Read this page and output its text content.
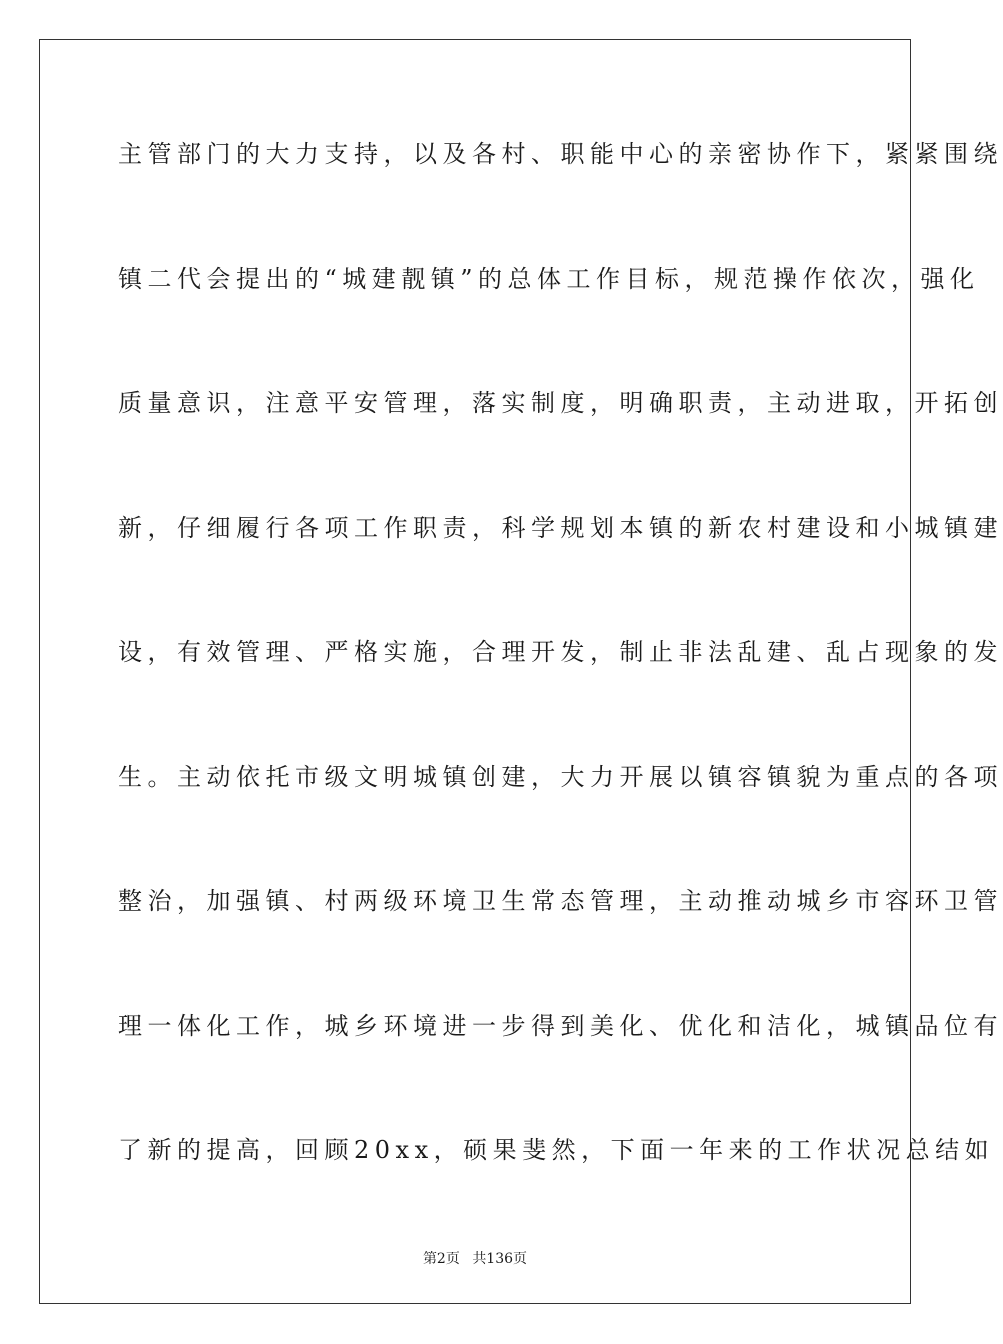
主管部门的大力支持，以及各村、职能中心的亲密协作下，紧紧围绕
镇二代会提出的“城建靓镇”的总体工作目标，规范操作依次，强化
质量意识，注意平安管理，落实制度，明确职责，主动进取，开拓创
新，仔细履行各项工作职责，科学规划本镇的新农村建设和小城镇建
设，有效管理、严格实施，合理开发，制止非法乱建、乱占现象的发
生。主动依托市级文明城镇创建，大力开展以镇容镇貌为重点的各项
整治，加强镇、村两级环境卫生常态管理，主动推动城乡市容环卫管
理一体化工作，城乡环境进一步得到美化、优化和洁化，城镇品位有
了新的提高，回顾20xx，硕果斐然，下面一年来的工作状况总结如
第2页 共136页
